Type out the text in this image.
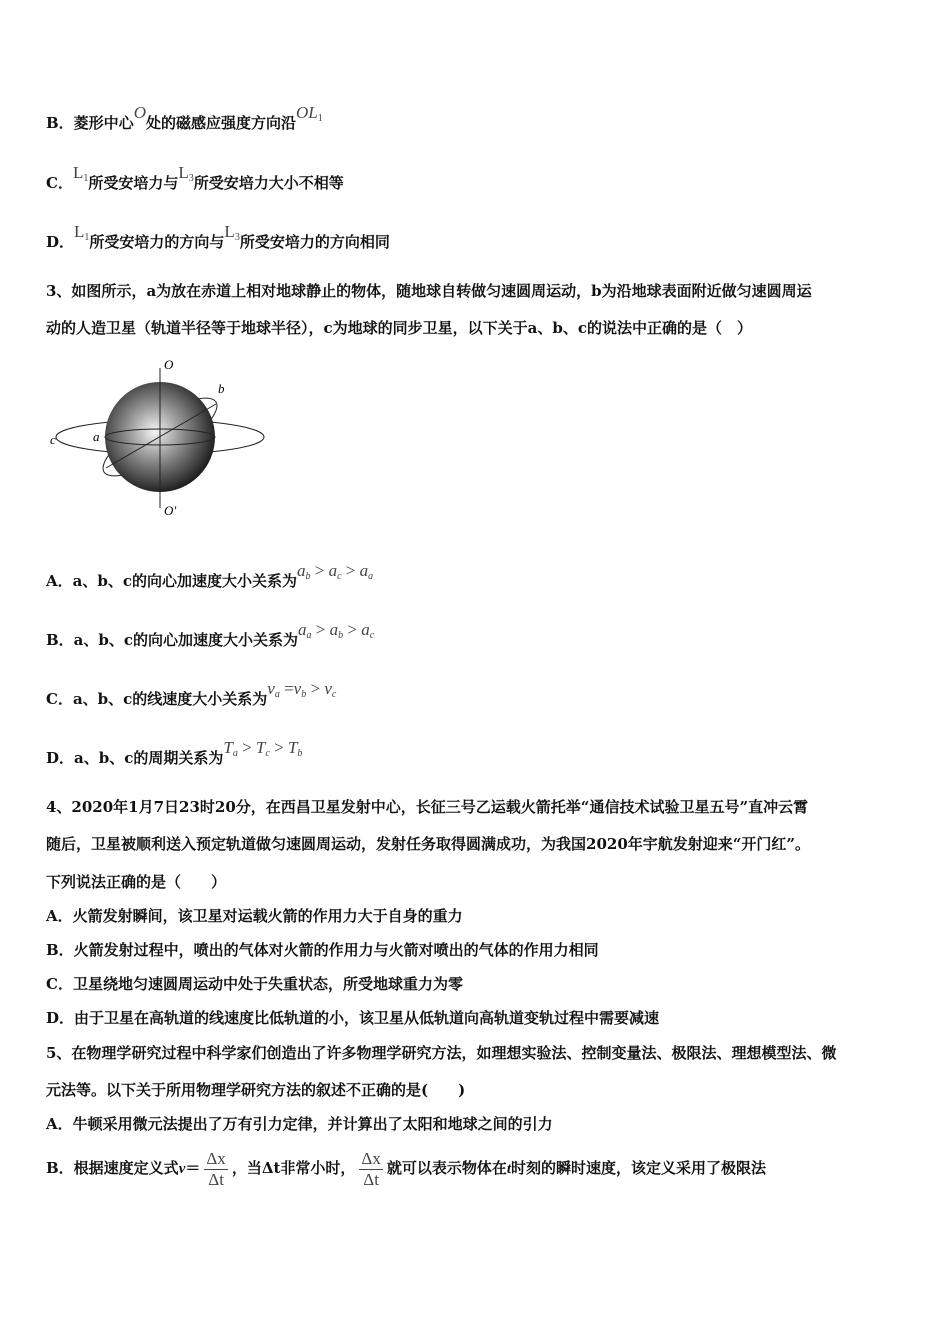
B．菱形中心O处的磁感应强度方向沿OL1
C．L1所受安培力与L3所受安培力大小不相等
D．L1所受安培力的方向与L3所受安培力的方向相同
3、如图所示，a为放在赤道上相对地球静止的物体，随地球自转做匀速圆周运动，b为沿地球表面附近做匀速圆周运
动的人造卫星（轨道半径等于地球半径），c为地球的同步卫星，以下关于a、b、c的说法中正确的是（　）
O
O′
c	a
b
A．a、b、c的向心加速度大小关系为$a_b > a_c > a_a$
B．a、b、c的向心加速度大小关系为$a_a > a_b > a_c$
C．a、b、c的线速度大小关系为$v_a =v_b > v_c$
D．a、b、c的周期关系为$T_a > T_c > T_b$
4、2020年1月7日23时20分，在西昌卫星发射中心，长征三号乙运载火箭托举“通信技术试验卫星五号”直冲云霄
随后，卫星被顺利送入预定轨道做匀速圆周运动，发射任务取得圆满成功，为我国2020年宇航发射迎来“开门红”。
下列说法正确的是（　　）
A．火箭发射瞬间，该卫星对运载火箭的作用力大于自身的重力
B．火箭发射过程中，喷出的气体对火箭的作用力与火箭对喷出的气体的作用力相同
C．卫星绕地匀速圆周运动中处于失重状态，所受地球重力为零
D．由于卫星在高轨道的线速度比低轨道的小，该卫星从低轨道向高轨道变轨过程中需要减速
5、在物理学研究过程中科学家们创造出了许多物理学研究方法，如理想实验法、控制变量法、极限法、理想模型法、微
元法等。以下关于所用物理学研究方法的叙述不正确的是(　　)
A．牛顿采用微元法提出了万有引力定律，并计算出了太阳和地球之间的引力
B．根据速度定义式$v= \frac{\Delta x}{\Delta t}$ ，当Δt非常小时， $\frac{\Delta x}{\Delta t}$ 就可以表示物体在t时刻的瞬时速度，该定义采用了极限法
